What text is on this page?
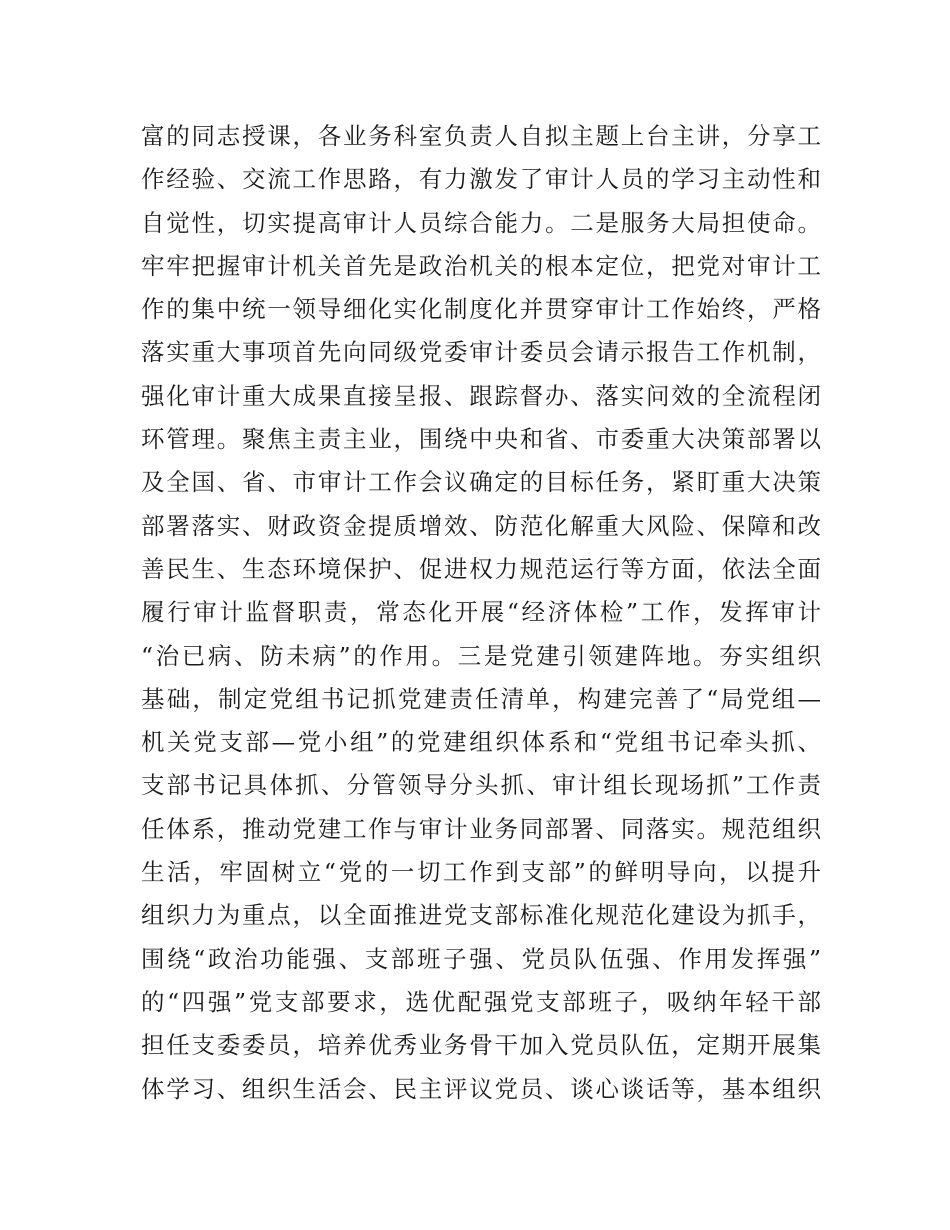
富的同志授课，各业务科室负责人自拟主题上台主讲，分享工
作经验、交流工作思路，有力激发了审计人员的学习主动性和
自觉性，切实提高审计人员综合能力。二是服务大局担使命。
牢牢把握审计机关首先是政治机关的根本定位，把党对审计工
作的集中统一领导细化实化制度化并贯穿审计工作始终，严格
落实重大事项首先向同级党委审计委员会请示报告工作机制，
强化审计重大成果直接呈报、跟踪督办、落实问效的全流程闭
环管理。聚焦主责主业，围绕中央和省、市委重大决策部署以
及全国、省、市审计工作会议确定的目标任务，紧盯重大决策
部署落实、财政资金提质增效、防范化解重大风险、保障和改
善民生、生态环境保护、促进权力规范运行等方面，依法全面
履行审计监督职责，常态化开展“经济体检”工作，发挥审计
“治已病、防未病”的作用。三是党建引领建阵地。夯实组织
基础，制定党组书记抓党建责任清单，构建完善了“局党组—
机关党支部—党小组”的党建组织体系和“党组书记牵头抓、
支部书记具体抓、分管领导分头抓、审计组长现场抓”工作责
任体系，推动党建工作与审计业务同部署、同落实。规范组织
生活，牢固树立“党的一切工作到支部”的鲜明导向，以提升
组织力为重点，以全面推进党支部标准化规范化建设为抓手，
围绕“政治功能强、支部班子强、党员队伍强、作用发挥强”
的“四强”党支部要求，选优配强党支部班子，吸纳年轻干部
担任支委委员，培养优秀业务骨干加入党员队伍，定期开展集
体学习、组织生活会、民主评议党员、谈心谈话等，基本组织
